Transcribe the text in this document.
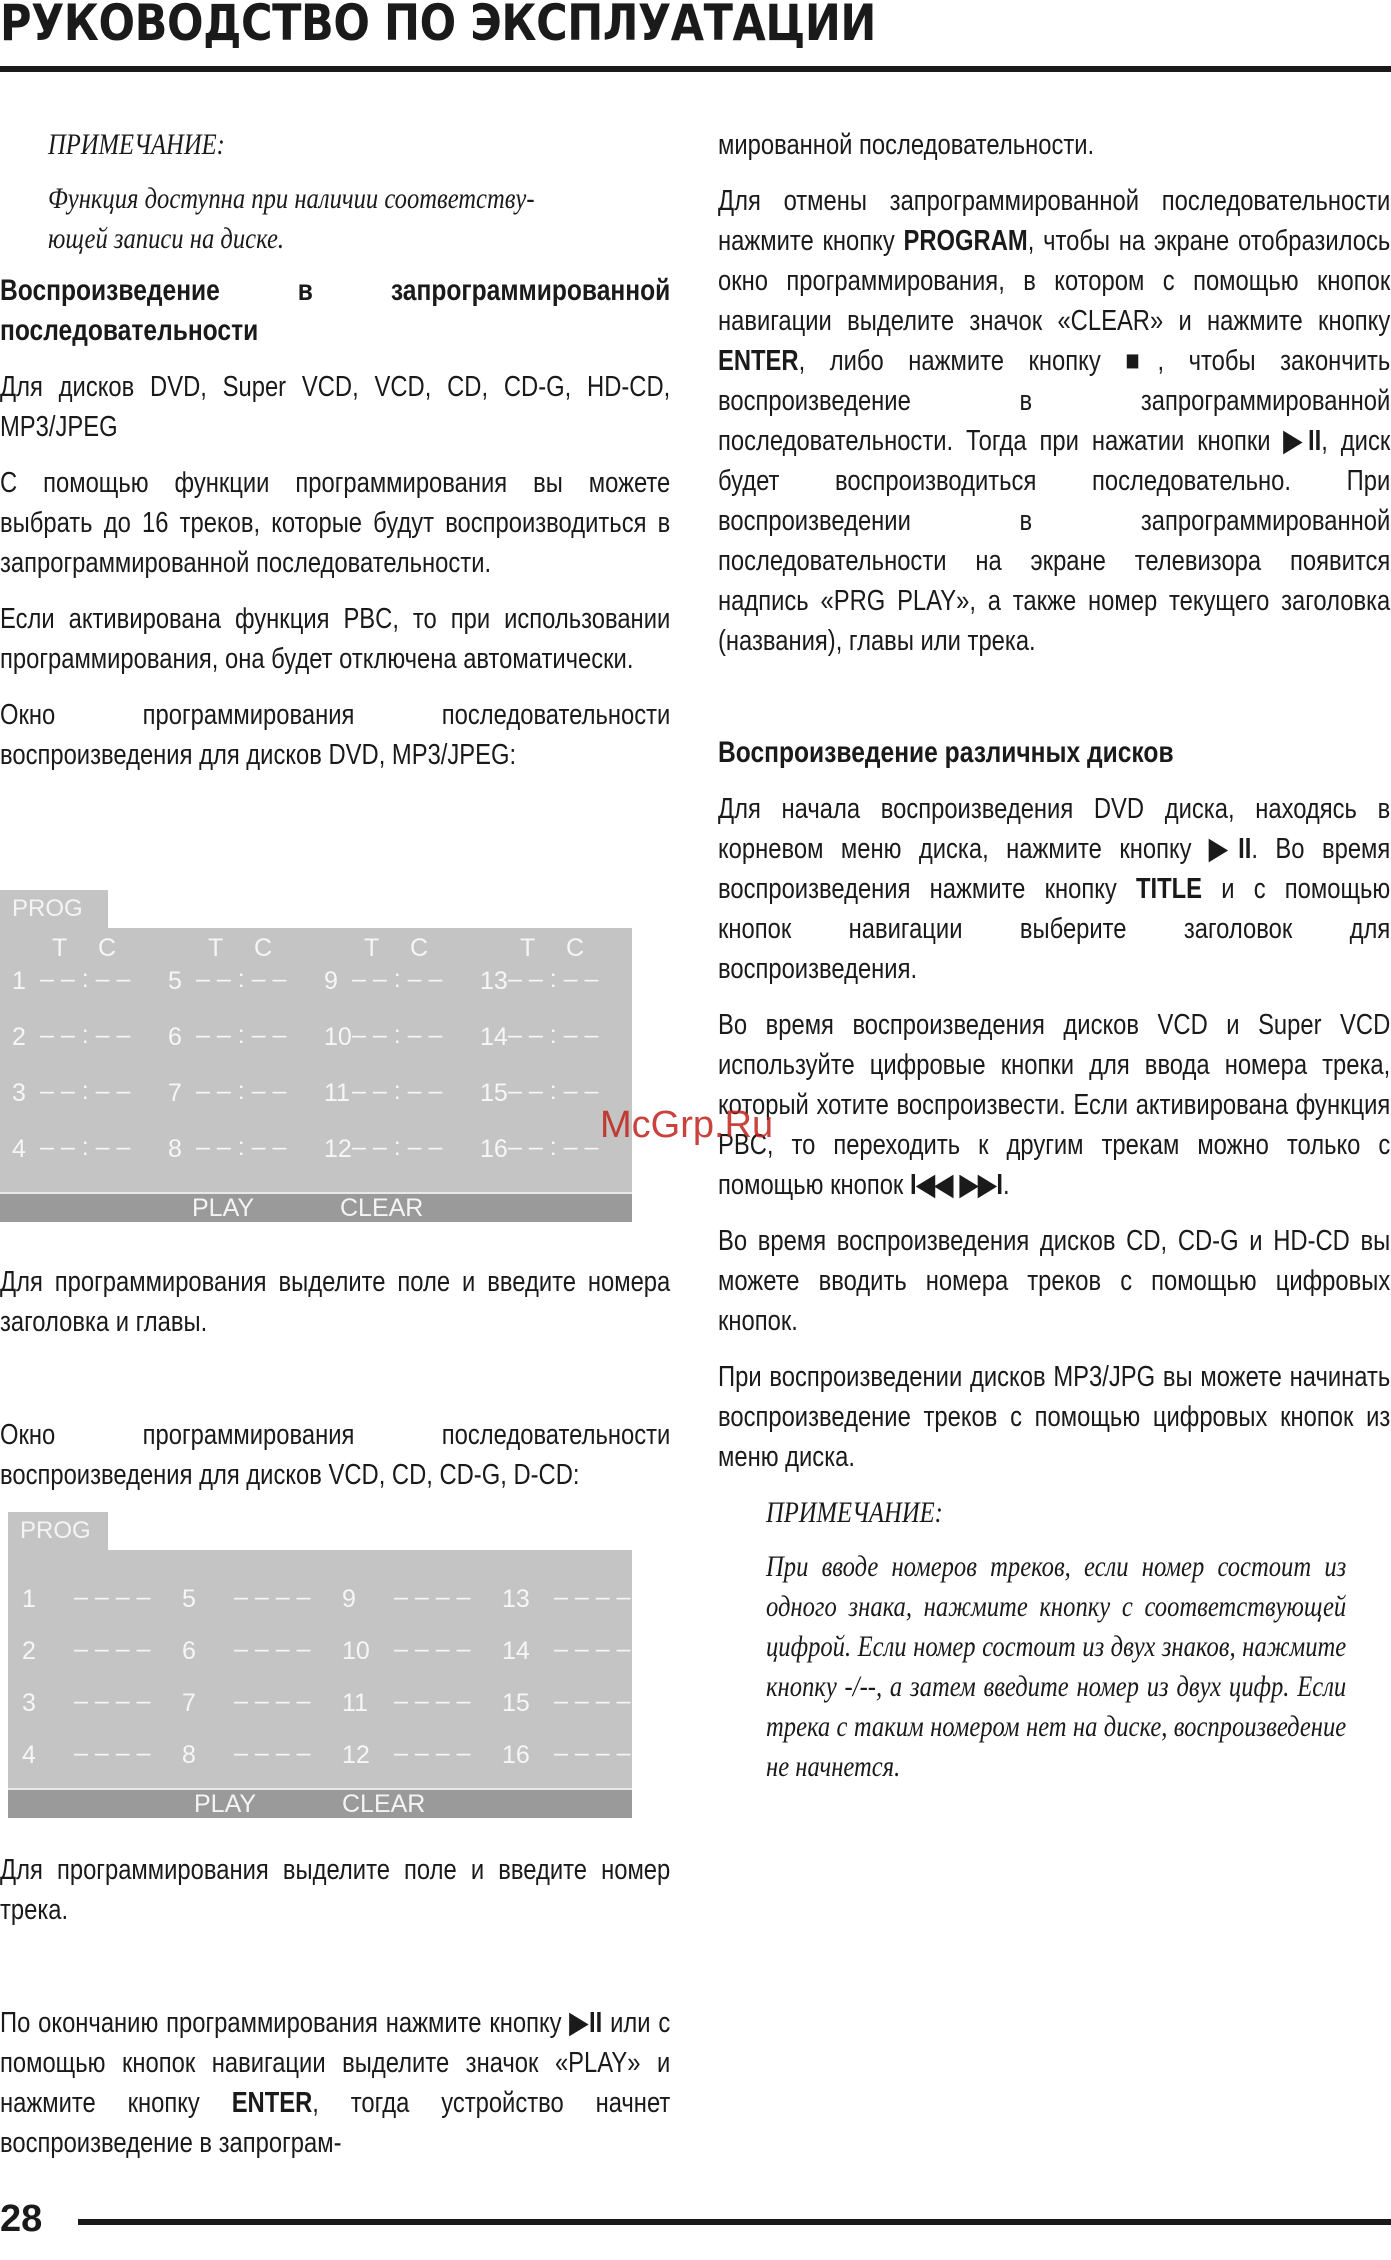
РУКОВОДСТВО ПО ЭКСПЛУАТАЦИИ

ПРИМЕЧАНИЕ:

Функция доступна при наличии соответству-

ющей записи на диске.

Воспроизведение в запрограммированной последовательности

Для дисков DVD, Super VCD, VCD, CD, CD-G, HD-CD, MP3/JPEG

С помощью функции программирования вы можете выбрать до 16 треков, которые будут воспроизводиться в запрограммированной последовательности.

Если активирована функция PBC, то при использовании программирования, она будет отключена автоматически.

Окно программирования последовательности воспроизведения для дисков DVD, MP3/JPEG:

PROG
1 – – : – – 5 – – : – – 9 – – : – – 13 – – : – –
2 – – : – – 6 – – : – – 10 – – : – – 14 – – : – –
3 – – : – – 7 – – : – – 11 – – : – – 15 – – : – –
4 – – : – – 8 – – : – – 12 – – : – – 16 – – : – –
T C	T C	T C	T C
PLAY	CLEAR

Для программирования выделите поле и введите номера заголовка и главы.

Окно программирования последовательности воспроизведения для дисков VCD, CD, CD-G, D-CD:

PROG
1 – – – – 5 – – – – 9 – – – – 13 – – – –
2 – – – – 6 – – – – 10 – – – – 14 – – – –
3 – – – – 7 – – – – 11 – – – – 15 – – – –
4 – – – – 8 – – – – 12 – – – – 16 – – – –
PLAY	CLEAR

Для программирования выделите поле и введите номер трека.

По окончанию программирования нажмите кнопку ▶II или с помощью кнопок навигации выделите значок «PLAY» и нажмите кнопку ENTER, тогда устройство начнет воспроизведение в запрограм-

мированной последовательности.

Для отмены запрограммированной последовательности нажмите кнопку PROGRAM, чтобы на экране отобразилось окно программирования, в котором с помощью кнопок навигации выделите значок «CLEAR» и нажмите кнопку ENTER, либо нажмите кнопку ■, чтобы закончить воспроизведение в запрограммированной последовательности. Тогда при нажатии кнопки ▶II, диск будет воспроизводиться последовательно. При воспроизведении в запрограммированной последовательности на экране телевизора появится надпись «PRG PLAY», а также номер текущего заголовка (названия), главы или трека.

Воспроизведение различных дисков

Для начала воспроизведения DVD диска, находясь в корневом меню диска, нажмите кнопку ▶II. Во время воспроизведения нажмите кнопку TITLE и с помощью кнопок навигации выберите заголовок для воспроизведения.

Во время воспроизведения дисков VCD и Super VCD используйте цифровые кнопки для ввода номера трека, который хотите воспроизвести. Если активирована функция PBC, то переходить к другим трекам можно только с помощью кнопок I◀◀ ▶▶I.

Во время воспроизведения дисков CD, CD-G и HD-CD вы можете вводить номера треков с помощью цифровых кнопок.

При воспроизведении дисков MP3/JPG вы можете начинать воспроизведение треков с помощью цифровых кнопок из меню диска.

ПРИМЕЧАНИЕ:

При вводе номеров треков, если номер состоит из одного знака, нажмите кнопку с соответствующей цифрой. Если номер состоит из двух знаков, нажмите кнопку -/--, а затем введите номер из двух цифр. Если трека с таким номером нет на диске, воспроизведение не начнется.

McGrp.Ru
28
